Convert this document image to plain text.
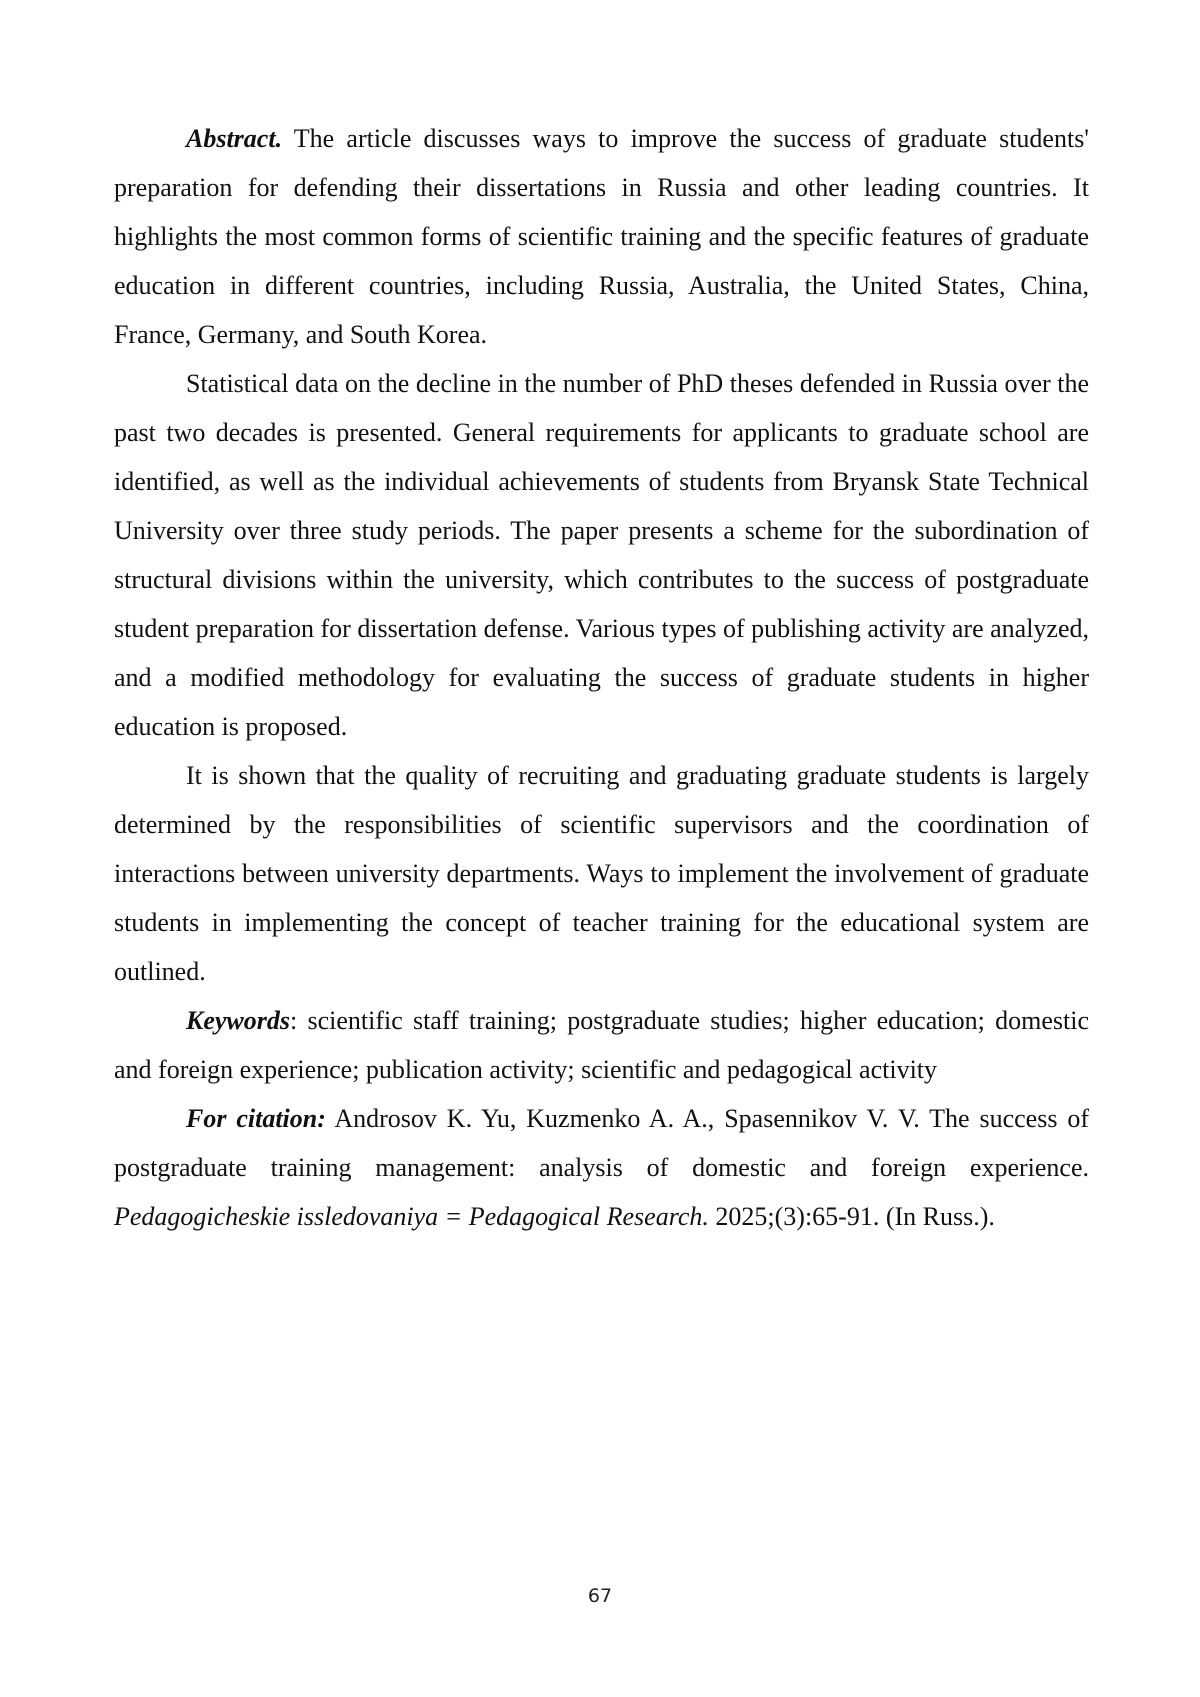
Abstract. The article discusses ways to improve the success of graduate students' preparation for defending their dissertations in Russia and other leading countries. It highlights the most common forms of scientific training and the specific features of graduate education in different countries, including Russia, Australia, the United States, China, France, Germany, and South Korea.

Statistical data on the decline in the number of PhD theses defended in Russia over the past two decades is presented. General requirements for applicants to graduate school are identified, as well as the individual achievements of students from Bryansk State Technical University over three study periods. The paper presents a scheme for the subordination of structural divisions within the university, which contributes to the success of postgraduate student preparation for dissertation defense. Various types of publishing activity are analyzed, and a modified methodology for evaluating the success of graduate students in higher education is proposed.

It is shown that the quality of recruiting and graduating graduate students is largely determined by the responsibilities of scientific supervisors and the coordination of interactions between university departments. Ways to implement the involvement of graduate students in implementing the concept of teacher training for the educational system are outlined.

Keywords: scientific staff training; postgraduate studies; higher education; domestic and foreign experience; publication activity; scientific and pedagogical activity

For citation: Androsov K. Yu, Kuzmenko A. A., Spasennikov V. V. The success of postgraduate training management: analysis of domestic and foreign experience. Pedagogicheskie issledovaniya = Pedagogical Research. 2025;(3):65-91. (In Russ.).

67
